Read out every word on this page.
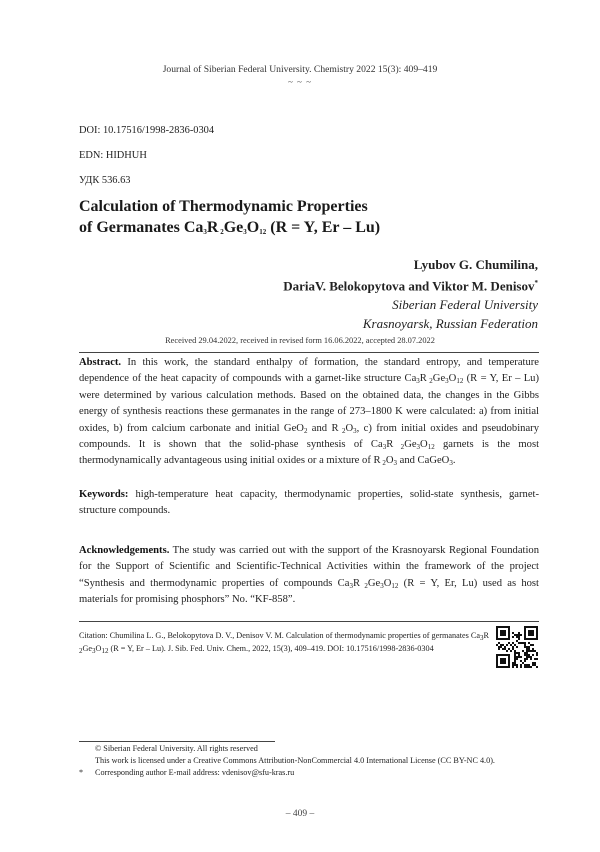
Journal of Siberian Federal University. Chemistry 2022 15(3): 409–419
~ ~ ~
DOI: 10.17516/1998-2836-0304
EDN: HIDHUH
УДК 536.63
Calculation of Thermodynamic Properties
of Germanates $Ca_3R$ $_2Ge_3O_{12}$ (R = Y, Er – Lu)
Lyubov G. Chumilina,
DariaV. Belokopytova and Viktor M. Denisov*
Siberian Federal University
Krasnoyarsk, Russian Federation
Received 29.04.2022, received in revised form 16.06.2022, accepted 28.07.2022
Abstract. In this work, the standard enthalpy of formation, the standard entropy, and temperature dependence of the heat capacity of compounds with a garnet-like structure $Ca_3R$ $_2Ge_3O_{12}$ (R = Y, Er – Lu) were determined by various calculation methods. Based on the obtained data, the changes in the Gibbs energy of synthesis reactions these germanates in the range of 273–1800 K were calculated: a) from initial oxides, b) from calcium carbonate and initial GeO$_2$ and R $_2O_3$, c) from initial oxides and pseudobinary compounds. It is shown that the solid-phase synthesis of $Ca_3R$ $_2Ge_3O_{12}$ garnets is the most thermodynamically advantageous using initial oxides or a mixture of R $_2O_3$ and CaGeO$_3$.
Keywords: high-temperature heat capacity, thermodynamic properties, solid-state synthesis, garnet-structure compounds.
Acknowledgements. The study was carried out with the support of the Krasnoyarsk Regional Foundation for the Support of Scientific and Scientific-Technical Activities within the framework of the project “Synthesis and thermodynamic properties of compounds $Ca_3R$ $_2Ge_3O_{12}$ (R = Y, Er, Lu) used as host materials for promising phosphors” No. “KF-858”.
Citation: Chumilina L. G., Belokopytova D. V., Denisov V. M. Calculation of thermodynamic properties of germanates $Ca_3R$ $_2Ge_3O_{12}$ (R = Y, Er – Lu). J. Sib. Fed. Univ. Chem., 2022, 15(3), 409–419. DOI: 10.17516/1998-2836-0304
© Siberian Federal University. All rights reserved
This work is licensed under a Creative Commons Attribution-NonCommercial 4.0 International License (CC BY-NC 4.0).
* Corresponding author E-mail address: vdenisov@sfu-kras.ru
– 409 –
